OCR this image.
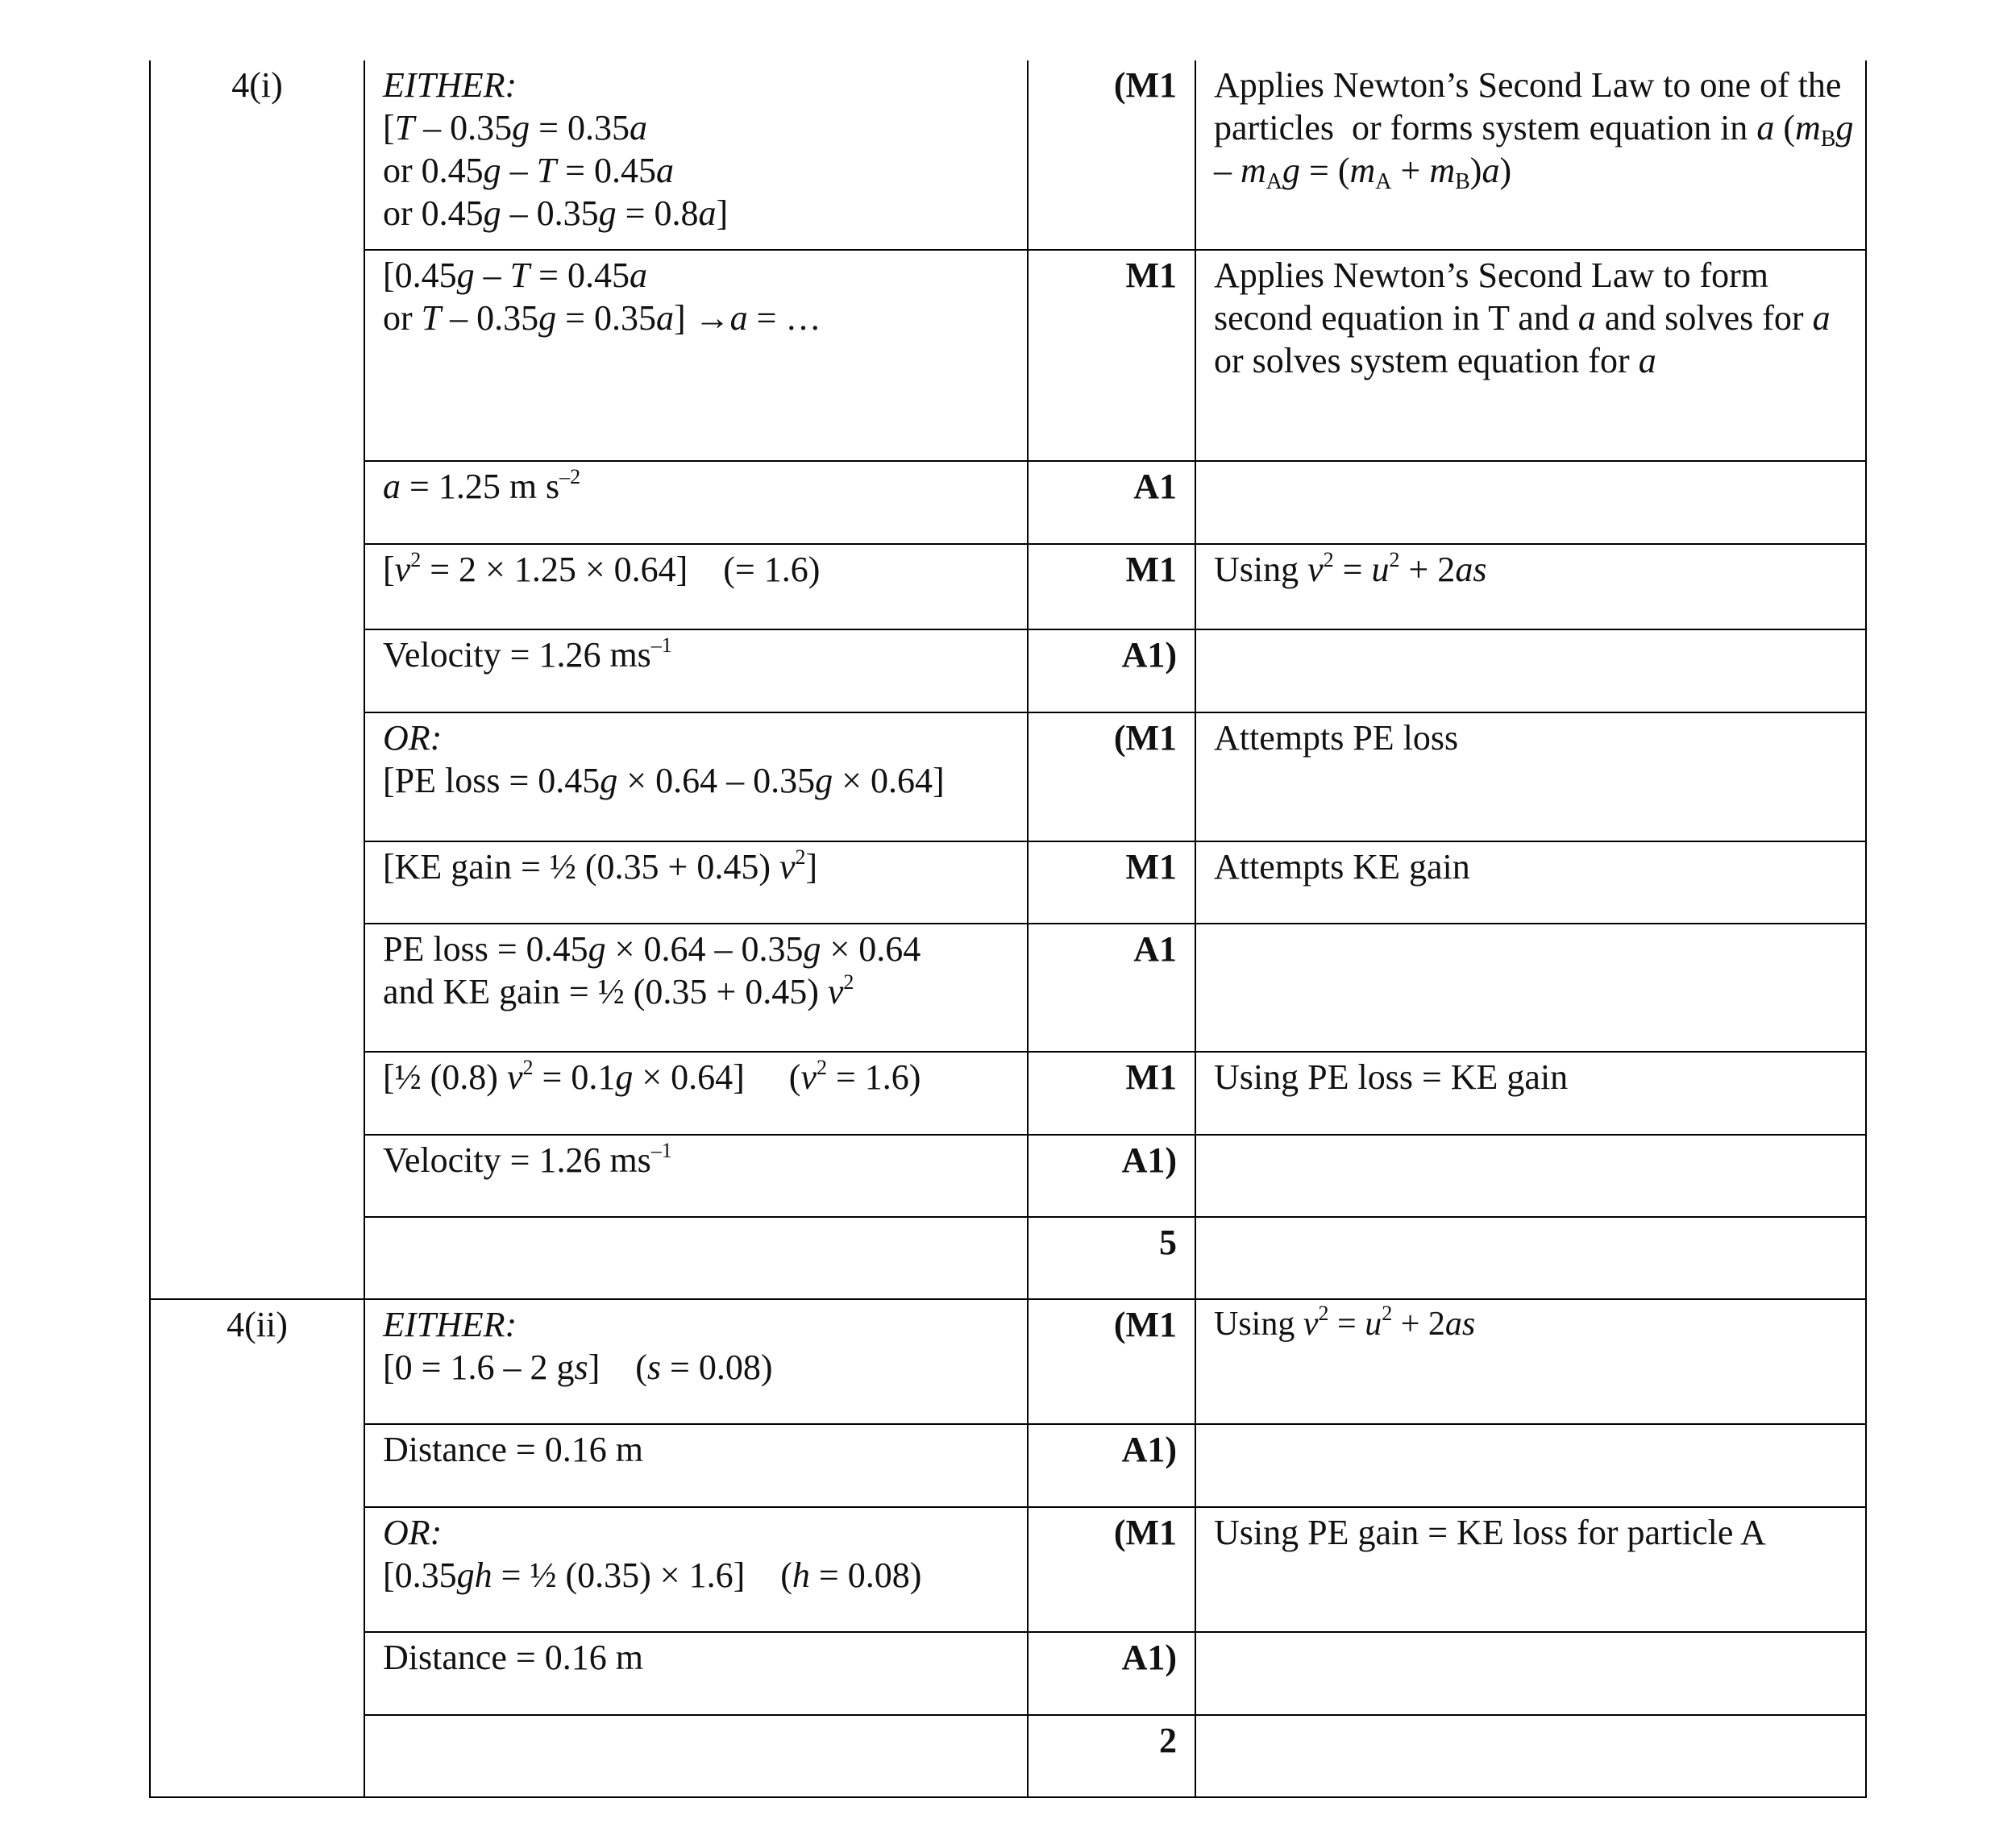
4(i)	EITHER:
[T – 0.35g = 0.35a
or 0.45g – T = 0.45a
or 0.45g – 0.35g = 0.8a]	(M1	Applies Newton’s Second Law to one of the particles  or forms system equation in a $(m_Bg - m_Ag = (m_A + m_B)a)$

	[0.45g – T = 0.45a
or T – 0.35g = 0.35a] →a = …	M1	Applies Newton’s Second Law to form second equation in T and a and solves for a
or solves system equation for a

	a = 1.25 m $s^{-2}$	A1	

	$[v^2 = 2 \times 1.25 \times 0.64]$    (= 1.6)	M1	Using $v^2 = u^2 + 2as$

	Velocity = 1.26 $ms^{-1}$	A1)	

	OR:
[PE loss = 0.45g × 0.64 – 0.35g × 0.64]	(M1	Attempts PE loss

	[KE gain = ½ (0.35 + 0.45) $v^2$]	M1	Attempts KE gain

	PE loss = 0.45g × 0.64 – 0.35g × 0.64
and KE gain = ½ (0.35 + 0.45) $v^2$	A1	

	[½ (0.8) $v^2 = 0.1g \times 0.64$]     $(v^2 = 1.6)$	M1	Using PE loss = KE gain

	Velocity = 1.26 $ms^{-1}$	A1)	
		5	
4(ii)	EITHER:
[0 = 1.6 – 2 gs]    (s = 0.08)	(M1	Using $v^2 = u^2 + 2as$

	Distance = 0.16 m	A1)	

	OR:
[0.35gh = ½ (0.35) × 1.6]    (h = 0.08)	(M1	Using PE gain = KE loss for particle A
	Distance = 0.16 m	A1)	
		2	
